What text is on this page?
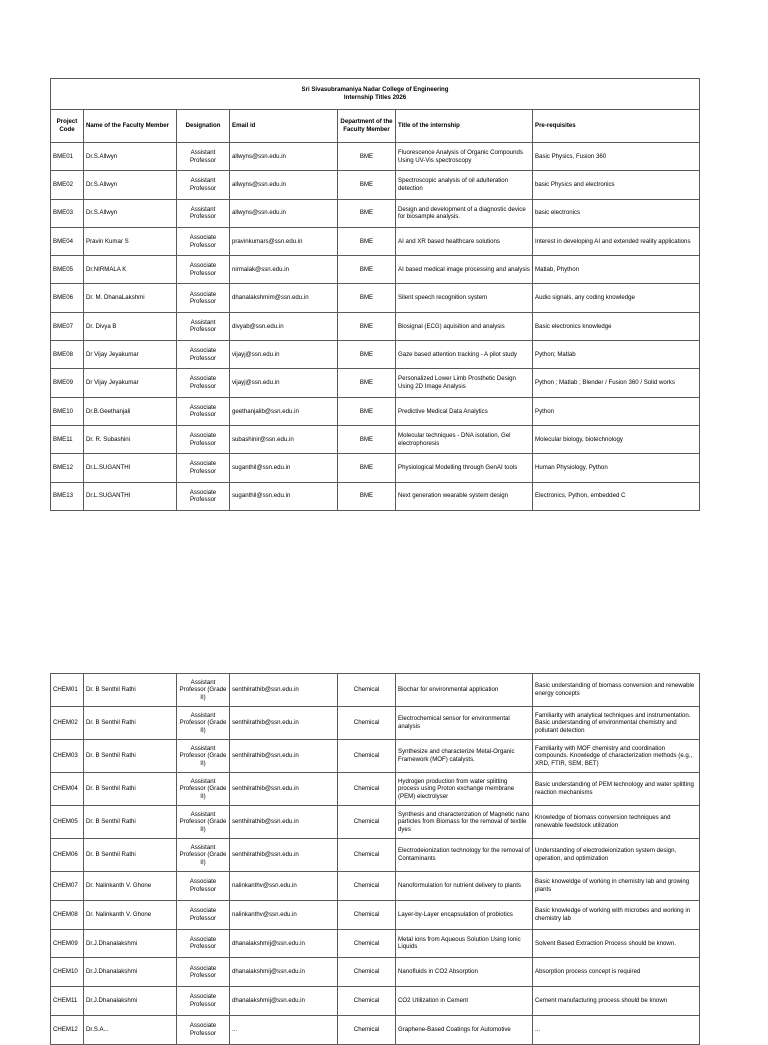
Sri Sivasubramaniya Nadar College of Engineering
Internship Titles 2026						

Project Code	Name of the Faculty Member	Designation	Email id	Department of the Faculty Member	Title of the internship	Pre-requisites
BME01	Dr.S.Allwyn	Assistant Professor	allwyns@ssn.edu.in	BME	Fluorescence Analysis of Organic Compounds Using UV-Vis spectroscopy	Basic Physics, Fusion 360
BME02	Dr.S.Allwyn	Assistant Professor	allwyns@ssn.edu.in	BME	Spectroscopic analysis of oil adulteration detection	basic Physics and electronics
BME03	Dr.S.Allwyn	Assistant Professor	allwyns@ssn.edu.in	BME	Design and development of a diagnostic device for biosample analysis.	basic electronics
BME04	Pravin Kumar S	Associate Professor	pravinkumars@ssn.edu.in	BME	AI and XR based healthcare solutions	Interest in developing AI and extended reality applications
BME05	Dr.NIRMALA K	Associate Professor	nirmalak@ssn.edu.in	BME	AI based medical image processing and analysis	Matlab, Phython
BME06	Dr. M. DhanaLakshmi	Associate Professor	dhanalakshmim@ssn.edu.in	BME	Silent speech recognition system	Audio signals, any coding knowledge
BME07	Dr. Divya B	Assistant Professor	divyab@ssn.edu.in	BME	Biosignal (ECG) aquisition and analysis	Basic electronics knowledge
BME08	Dr Vijay Jeyakumar	Associate Professor	vijayj@ssn.edu.in	BME	Gaze based attention tracking - A pilot study	Python; Matlab
BME09	Dr Vijay Jeyakumar	Associate Professor	vijayj@ssn.edu.in	BME	Personalized Lower Limb Prosthetic Design Using 2D Image Analysis	Python ; Matlab ; Blender / Fusion 360 / Solid works
BME10	Dr.B.Geethanjali	Associate Professor	geethanjalib@ssn.edu.in	BME	Predictive Medical Data Analytics	Python
BME11	Dr. R. Subashini	Associate Professor	subashinir@ssn.edu.in	BME	Molecular techniques - DNA isolation, Gel electrophoresis	Molecular biology, biotechnology
BME12	Dr.L.SUGANTHI	Associate Professor	suganthil@ssn.edu.in	BME	Physiological Modelling through GenAI tools	Human Physiology, Python
BME13	Dr.L.SUGANTHI	Associate Professor	suganthil@ssn.edu.in	BME	Next generation wearable system design	Electronics, Python, embedded C
CHEM01	Dr. B Senthil Rathi	Assistant Professor (Grade II)	senthilrathib@ssn.edu.in	Chemical	Biochar for environmental application	Basic understanding of biomass conversion and renewable energy concepts
CHEM02	Dr. B Senthil Rathi	Assistant Professor (Grade II)	senthilrathib@ssn.edu.in	Chemical	Electrochemical sensor for environmental analysis	Familiarity with analytical techniques and instrumentation. Basic understanding of environmental chemistry and pollutant detection
CHEM03	Dr. B Senthil Rathi	Assistant Professor (Grade II)	senthilrathib@ssn.edu.in	Chemical	Synthesize and characterize Metal-Organic Framework (MOF) catalysts.	Familiarity with MOF chemistry and coordination compounds. Knowledge of characterization methods (e.g., XRD, FTIR, SEM, BET)
CHEM04	Dr. B Senthil Rathi	Assistant Professor (Grade II)	senthilrathib@ssn.edu.in	Chemical	Hydrogen production from water splitting process using Proton exchange membrane (PEM) electrolyser	Basic understanding of PEM technology and water splitting reaction mechanisms
CHEM05	Dr. B Senthil Rathi	Assistant Professor (Grade II)	senthilrathib@ssn.edu.in	Chemical	Synthesis and characterization of Magnetic nano particles from Biomass for the removal of textile dyes	Knowledge of biomass conversion techniques and renewable feedstock utilization
CHEM06	Dr. B Senthil Rathi	Assistant Professor (Grade II)	senthilrathib@ssn.edu.in	Chemical	Electrodeionization technology for the removal of Contaminants	Understanding of electrodeionization system design, operation, and optimization
CHEM07	Dr. Nalinkanth V. Ghone	Associate Professor	nalinkanthv@ssn.edu.in	Chemical	Nanoformulation for nutrient delivery to plants	Basic knoweldge of working in chemistry lab and growing plants
CHEM08	Dr. Nalinkanth V. Ghone	Associate Professor	nalinkanthv@ssn.edu.in	Chemical	Layer-by-Layer encapsulation of probiotics	Basic knowledge of working with microbes and working in chemistry lab
CHEM09	Dr.J.Dhanalakshmi	Associate Professor	dhanalakshmij@ssn.edu.in	Chemical	Metal ions from Aqueous Solution Using Ionic Liquids	Solvent Based Extraction Process should be known.
CHEM10	Dr.J.Dhanalakshmi	Associate Professor	dhanalakshmij@ssn.edu.in	Chemical	Nanofluids in CO2 Absorption	Absorption process concept is required
CHEM11	Dr.J.Dhanalakshmi	Associate Professor	dhanalakshmij@ssn.edu.in	Chemical	CO2 Utilization in Cement	Cement manufacturing process should be known
CHEM12	Dr.S.A...	Associate Professor	...	Chemical	Graphene-Based Coatings for Automotive	...
